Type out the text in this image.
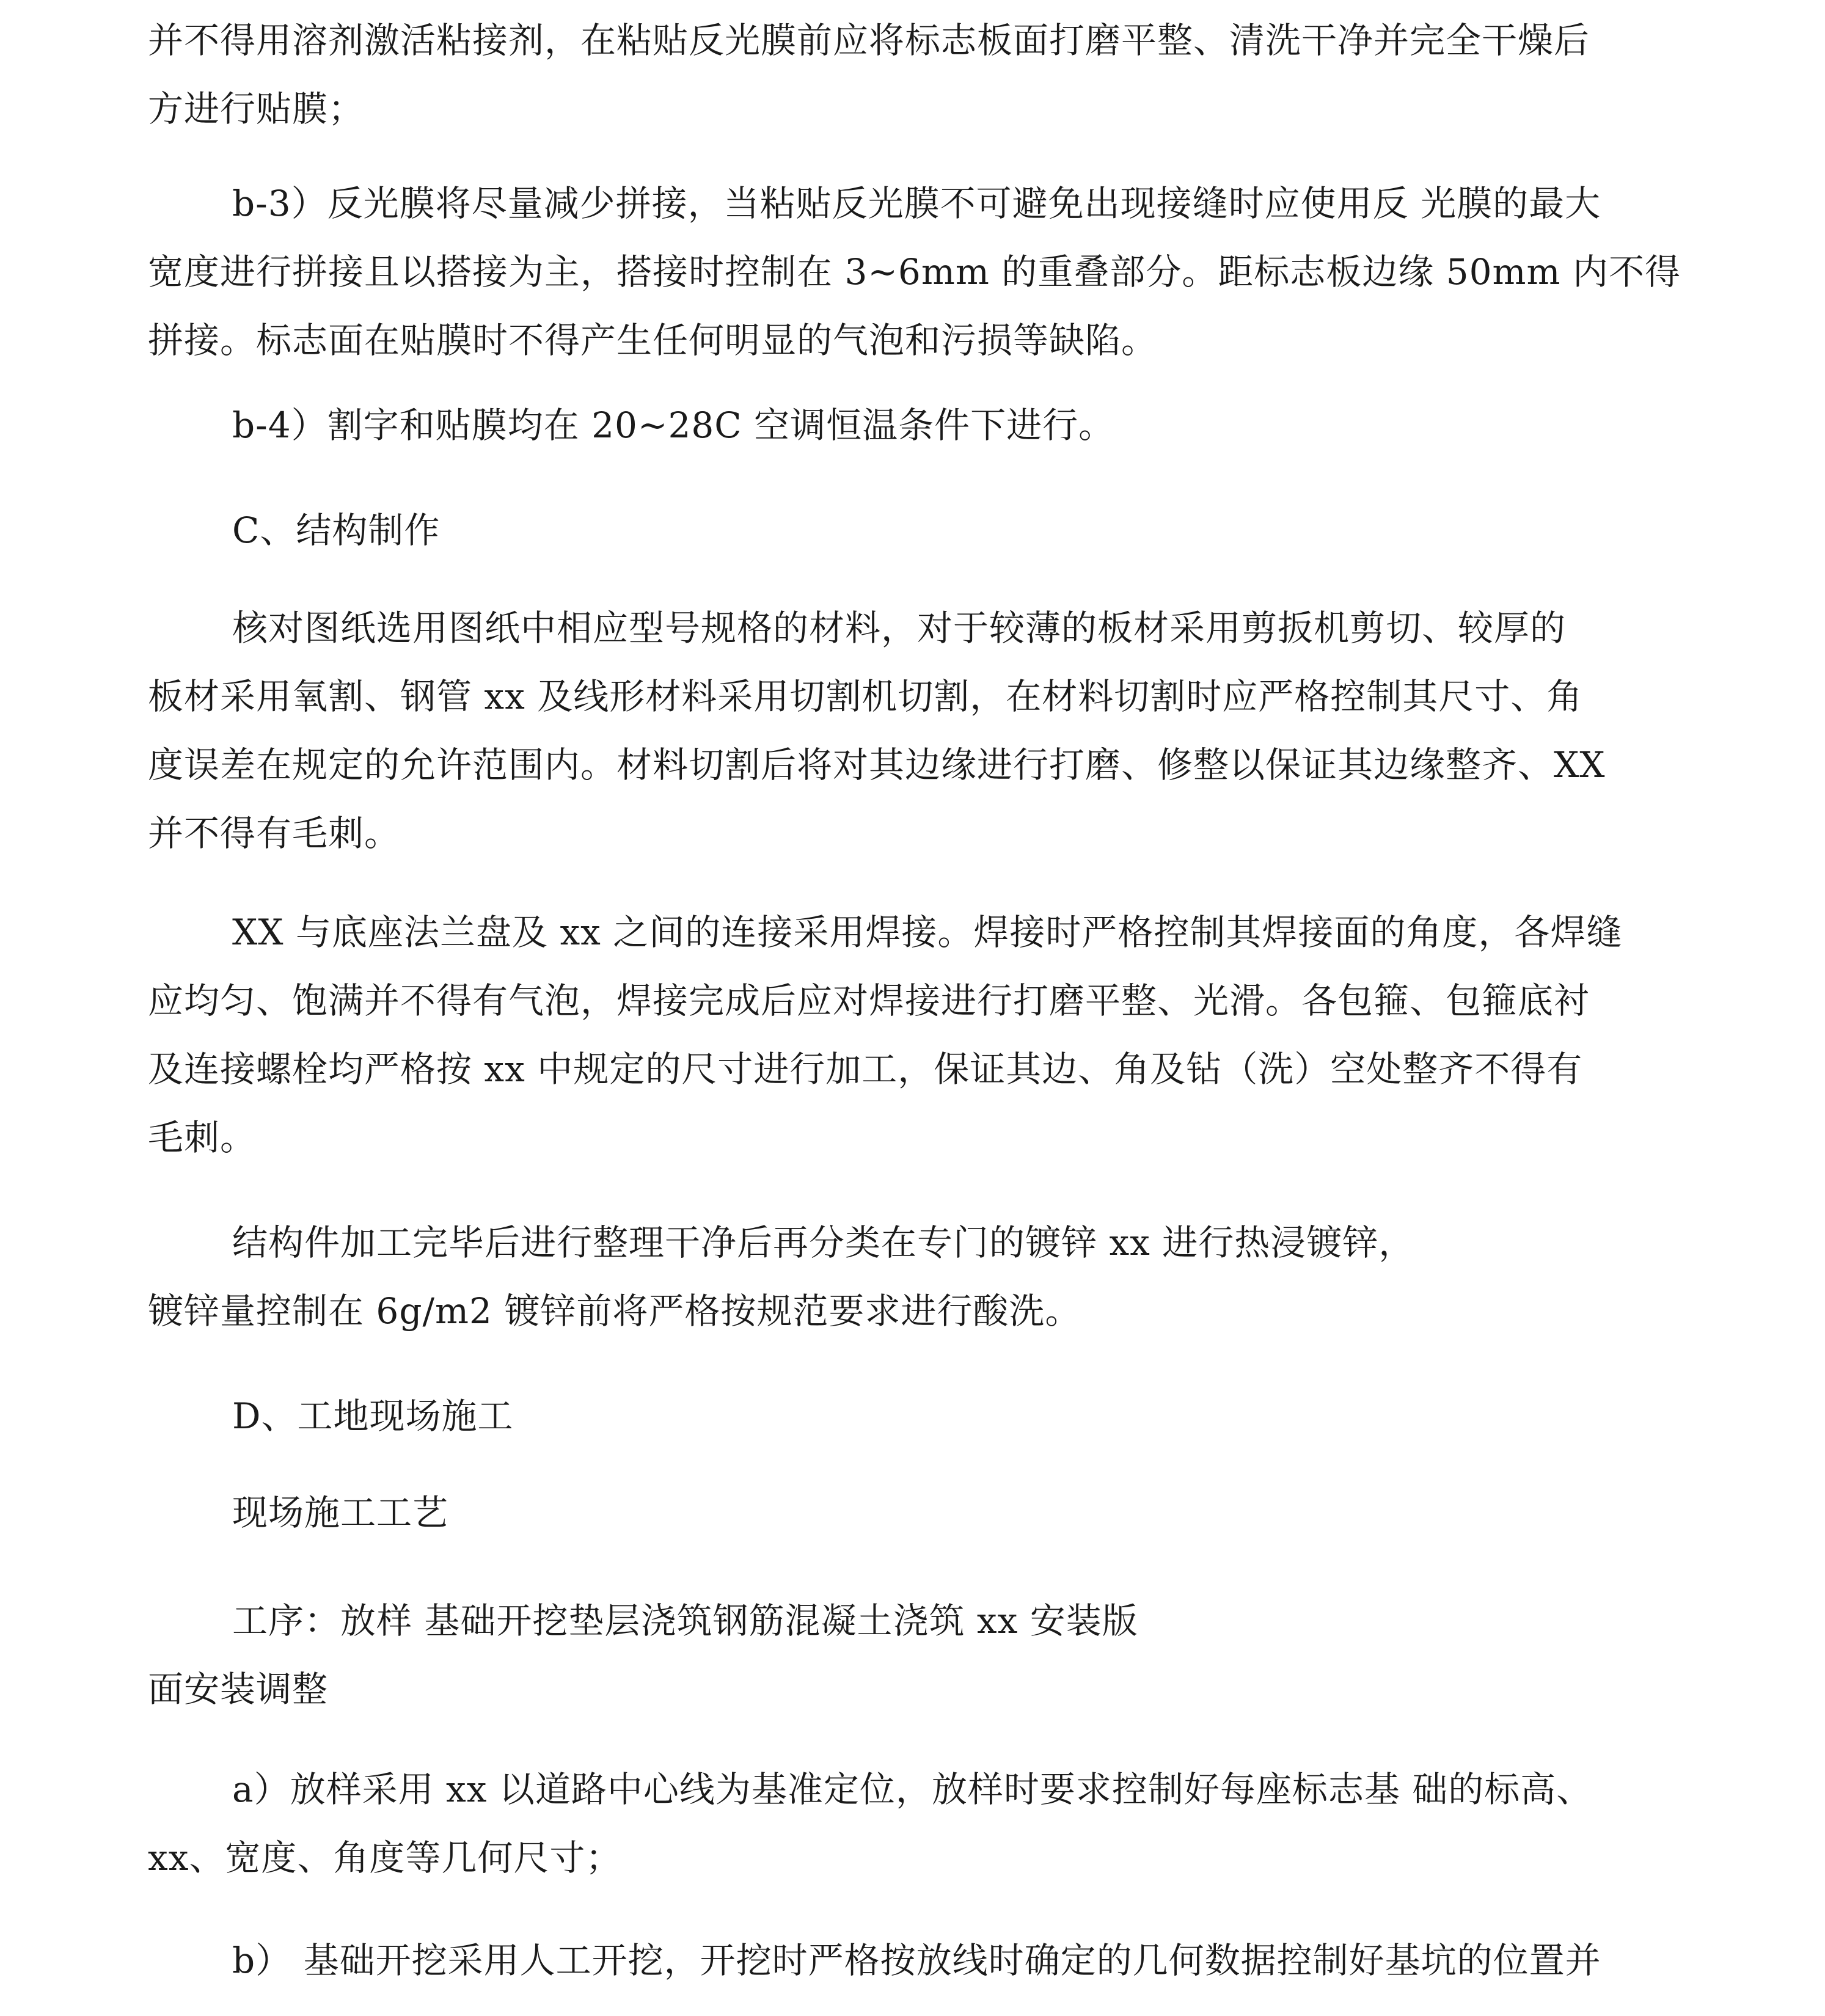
并不得用溶剂激活粘接剂，在粘贴反光膜前应将标志板面打磨平整、清洗干净并完全干燥后
方进行贴膜；
b-3）反光膜将尽量减少拼接，当粘贴反光膜不可避免出现接缝时应使用反 光膜的最大
宽度进行拼接且以搭接为主，搭接时控制在 3~6mm 的重叠部分。距标志板边缘 50mm 内不得
拼接。标志面在贴膜时不得产生任何明显的气泡和污损等缺陷。
b-4）割字和贴膜均在 20~28C 空调恒温条件下进行。
C、结构制作
核对图纸选用图纸中相应型号规格的材料，对于较薄的板材采用剪扳机剪切、较厚的
板材采用氧割、钢管 xx 及线形材料采用切割机切割，在材料切割时应严格控制其尺寸、角
度误差在规定的允许范围内。材料切割后将对其边缘进行打磨、修整以保证其边缘整齐、XX
并不得有毛刺。
XX 与底座法兰盘及 xx 之间的连接采用焊接。焊接时严格控制其焊接面的角度，各焊缝
应均匀、饱满并不得有气泡，焊接完成后应对焊接进行打磨平整、光滑。各包箍、包箍底衬
及连接螺栓均严格按 xx 中规定的尺寸进行加工，保证其边、角及钻（洗）空处整齐不得有
毛刺。
结构件加工完毕后进行整理干净后再分类在专门的镀锌 xx 进行热浸镀锌，
镀锌量控制在 6g/m2 镀锌前将严格按规范要求进行酸洗。
D、工地现场施工
现场施工工艺
工序：放样 基础开挖垫层浇筑钢筋混凝土浇筑 xx 安装版
面安装调整
a）放样采用 xx 以道路中心线为基准定位，放样时要求控制好每座标志基 础的标高、
xx、宽度、角度等几何尺寸；
b） 基础开挖采用人工开挖，开挖时严格按放线时确定的几何数据控制好基坑的位置并
